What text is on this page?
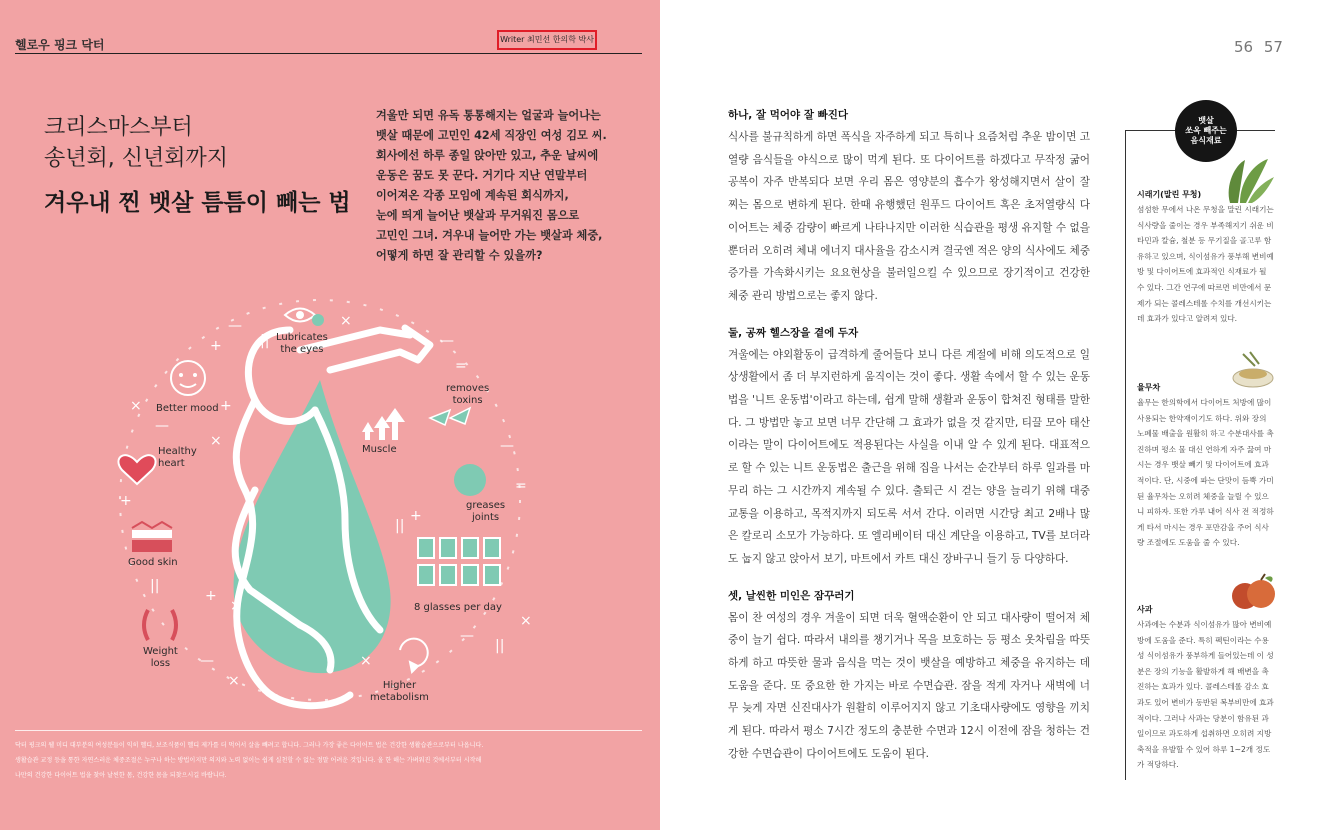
헬로우 핑크 닥터	Writer 최민선 한의학 박사
크리스마스부터
송년회, 신년회까지
겨우내 찐 뱃살 틈틈이 빼는 법

겨울만 되면 유독 통통해지는 얼굴과 늘어나는

뱃살 때문에 고민인 42세 직장인 여성 김모 씨.

회사에선 하루 종일 앉아만 있고, 추운 날씨에

운동은 꿈도 못 꾼다. 거기다 지난 연말부터

이어져온 각종 모임에 계속된 회식까지,

눈에 띄게 늘어난 뱃살과 무거워진 몸으로

고민인 그녀. 겨우내 늘어만 가는 뱃살과 체중,

어떻게 하면 잘 관리할 수 있을까?

—
||
×
+
×	+
—
=
+
—
=
+
+
×
||
—
||
×
×
—
×
—
||
×
Lubricates
the eyes
Better mood
removes
toxins
Muscle
Healthy
heart
greases
joints
Good skin
8 glasses per day
Weight
loss
Higher
metabolism

닥터 핑크의 웰 미디 대부분의 여성분들이 익히 헬디, 보조식품이 헬디 제가를 더 먹어서 살을 빼려고 합니다. 그러나 가장 좋은 다이어트 법은 건강한 생활습관으로부터 나옵니다.

생활습관 교정 등을 통한 자연스러운 체중조절은 누구나 하는 방법이지만 의지와 노력 없이는 쉽게 실천할 수 없는 정말 어려운 것입니다. 올 한 해는 가벼워진 것에서부터 시작해

나만의 건강한 다이어트 법을 찾아 날씬한 몸, 건강한 몸을 되찾으시길 바랍니다.

56 57
하나, 잘 먹어야 잘 빠진다

식사를 불규칙하게 하면 폭식을 자주하게 되고 특히나 요즘처럼 추운 밤이면 고열량 음식들을 야식으로 많이 먹게 된다. 또 다이어트를 하겠다고 무작정 굶어 공복이 자주 반복되다 보면 우리 몸은 영양분의 흡수가 왕성해지면서 살이 잘 찌는 몸으로 변하게 된다. 한때 유행했던 원푸드 다이어트 혹은 초저열량식 다이어트는 체중 감량이 빠르게 나타나지만 이러한 식습관을 평생 유지할 수 없을 뿐더러 오히려 체내 에너지 대사율을 감소시켜 결국엔 적은 양의 식사에도 체중 증가를 가속화시키는 요요현상을 불러일으킬 수 있으므로 장기적이고 건강한 체중 관리 방법으로는 좋지 않다.

둘, 공짜 헬스장을 곁에 두자

겨울에는 야외활동이 급격하게 줄어들다 보니 다른 계절에 비해 의도적으로 일상생활에서 좀 더 부지런하게 움직이는 것이 좋다. 생활 속에서 할 수 있는 운동법을 '니트 운동법'이라고 하는데, 쉽게 말해 생활과 운동이 합쳐진 형태를 말한다. 그 방법만 놓고 보면 너무 간단해 그 효과가 없을 것 같지만, 티끌 모아 태산이라는 말이 다이어트에도 적용된다는 사실을 이내 알 수 있게 된다. 대표적으로 할 수 있는 니트 운동법은 출근을 위해 집을 나서는 순간부터 하루 일과를 마무리 하는 그 시간까지 계속될 수 있다. 출퇴근 시 걷는 양을 늘리기 위해 대중교통을 이용하고, 목적지까지 되도록 서서 간다. 이러면 시간당 최고 2배나 많은 칼로리 소모가 가능하다. 또 엘리베이터 대신 계단을 이용하고, TV를 보더라도 눕지 않고 앉아서 보기, 마트에서 카트 대신 장바구니 들기 등 다양하다.

셋, 날씬한 미인은 잠꾸러기

몸이 찬 여성의 경우 겨울이 되면 더욱 혈액순환이 안 되고 대사량이 떨어져 체중이 늘기 쉽다. 따라서 내의를 챙기거나 목을 보호하는 등 평소 옷차림을 따뜻하게 하고 따뜻한 물과 음식을 먹는 것이 뱃살을 예방하고 체중을 유지하는 데 도움을 준다. 또 중요한 한 가지는 바로 수면습관. 잠을 적게 자거나 새벽에 너무 늦게 자면 신진대사가 원활히 이루어지지 않고 기초대사량에도 영향을 끼치게 된다. 따라서 평소 7시간 정도의 충분한 수면과 12시 이전에 잠을 청하는 건강한 수면습관이 다이어트에도 도움이 된다.

뱃살
쏘옥 빼주는
음식재료
시래기(말린 무청)

섬섬한 무에서 나온 무청을 말린 시래기는 식사량을 줄이는 경우 부족해지기 쉬운 비타민과 칼슘, 철분 등 무기질을 골고루 함유하고 있으며, 식이섬유가 풍부해 변비예방 및 다이어트에 효과적인 식재료가 될 수 있다. 그간 연구에 따르면 비만에서 문제가 되는 콜레스테롤 수치를 개선시키는 데 효과가 있다고 알려져 있다.

율무차

율무는 한의학에서 다이어트 처방에 많이 사용되는 한약재이기도 하다. 위와 장의 노폐물 배출을 원활히 하고 수분대사를 촉진하며 평소 물 대신 연하게 자주 끓여 마시는 경우 뱃살 빼기 및 다이어트에 효과적이다. 단, 시중에 파는 단맛이 듬뿍 가미된 율무차는 오히려 체중을 늘릴 수 있으니 피하자. 또한 가루 내어 식사 전 적정하게 타서 마시는 경우 포만감을 주어 식사량 조절에도 도움을 줄 수 있다.

사과

사과에는 수분과 식이섬유가 많아 변비예방에 도움을 준다. 특히 펙틴이라는 수용성 식이섬유가 풍부하게 들어있는데 이 성분은 장의 기능을 활발하게 해 배변을 촉진하는 효과가 있다. 콜레스테롤 감소 효과도 있어 변비가 동반된 복부비만에 효과적이다. 그러나 사과는 당분이 함유된 과일이므로 과도하게 섭취하면 오히려 지방축적을 유발할 수 있어 하루 1~2개 정도가 적당하다.
